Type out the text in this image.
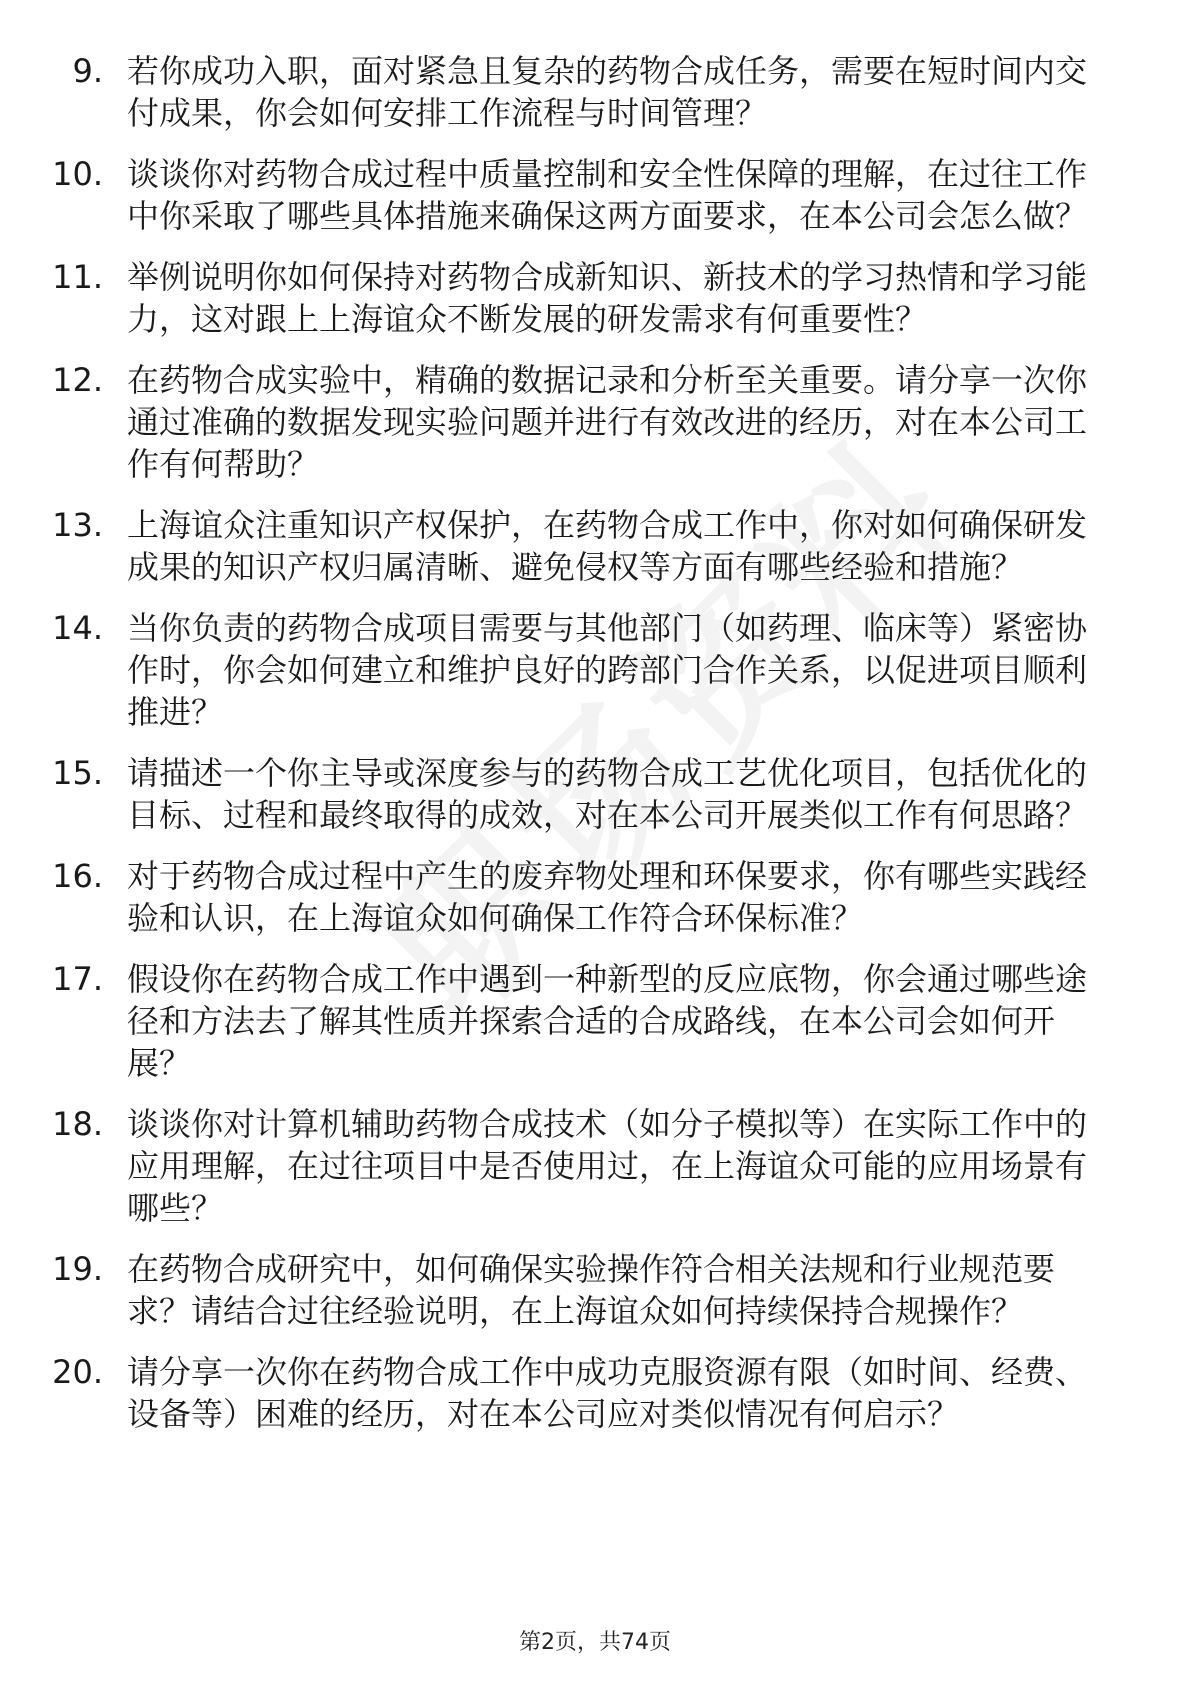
9. 若你成功入职，面对紧急且复杂的药物合成任务，需要在短时间内交付成果，你会如何安排工作流程与时间管理？
10. 谈谈你对药物合成过程中质量控制和安全性保障的理解，在过往工作中你采取了哪些具体措施来确保这两方面要求，在本公司会怎么做？
11. 举例说明你如何保持对药物合成新知识、新技术的学习热情和学习能力，这对跟上上海谊众不断发展的研发需求有何重要性？
12. 在药物合成实验中，精确的数据记录和分析至关重要。请分享一次你通过准确的数据发现实验问题并进行有效改进的经历，对在本公司工作有何帮助？
13. 上海谊众注重知识产权保护，在药物合成工作中，你对如何确保研发成果的知识产权归属清晰、避免侵权等方面有哪些经验和措施？
14. 当你负责的药物合成项目需要与其他部门（如药理、临床等）紧密协作时，你会如何建立和维护良好的跨部门合作关系，以促进项目顺利推进？
15. 请描述一个你主导或深度参与的药物合成工艺优化项目，包括优化的目标、过程和最终取得的成效，对在本公司开展类似工作有何思路？
16. 对于药物合成过程中产生的废弃物处理和环保要求，你有哪些实践经验和认识，在上海谊众如何确保工作符合环保标准？
17. 假设你在药物合成工作中遇到一种新型的反应底物，你会通过哪些途径和方法去了解其性质并探索合适的合成路线，在本公司会如何开展？
18. 谈谈你对计算机辅助药物合成技术（如分子模拟等）在实际工作中的应用理解，在过往项目中是否使用过，在上海谊众可能的应用场景有哪些？
19. 在药物合成研究中，如何确保实验操作符合相关法规和行业规范要求？请结合过往经验说明，在上海谊众如何持续保持合规操作？
20. 请分享一次你在药物合成工作中成功克服资源有限（如时间、经费、设备等）困难的经历，对在本公司应对类似情况有何启示？
第2页，共74页
